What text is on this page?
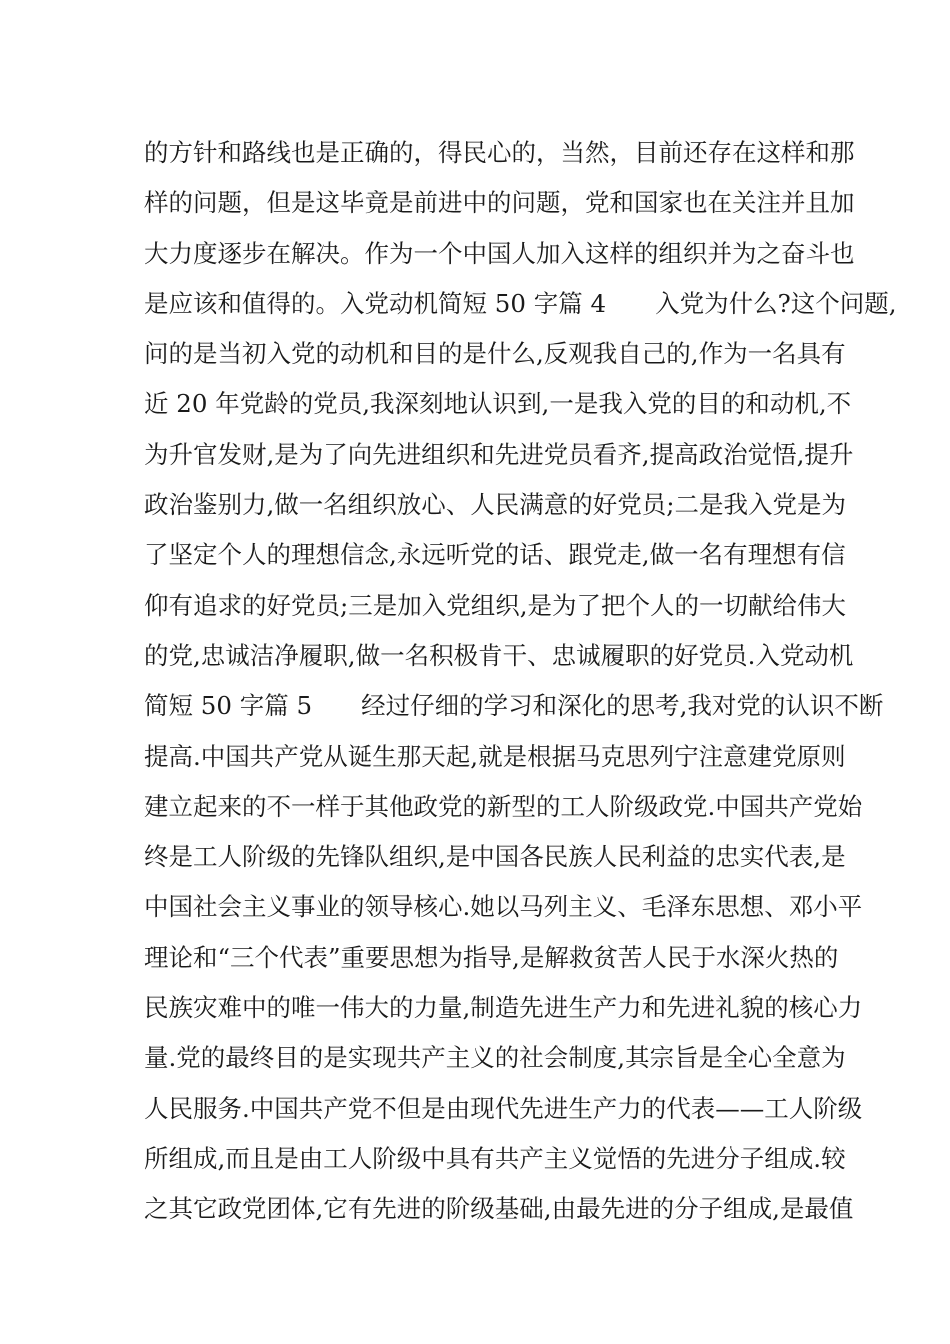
的方针和路线也是正确的，得民心的，当然，目前还存在这样和那
样的问题，但是这毕竟是前进中的问题，党和国家也在关注并且加
大力度逐步在解决。作为一个中国人加入这样的组织并为之奋斗也
是应该和值得的。入党动机简短 50 字篇 4　　入党为什么?这个问题,
问的是当初入党的动机和目的是什么,反观我自己的,作为一名具有
近 20 年党龄的党员,我深刻地认识到,一是我入党的目的和动机,不
为升官发财,是为了向先进组织和先进党员看齐,提高政治觉悟,提升
政治鉴别力,做一名组织放心、人民满意的好党员;二是我入党是为
了坚定个人的理想信念,永远听党的话、跟党走,做一名有理想有信
仰有追求的好党员;三是加入党组织,是为了把个人的一切献给伟大
的党,忠诚洁净履职,做一名积极肯干、忠诚履职的好党员.入党动机
简短 50 字篇 5　　经过仔细的学习和深化的思考,我对党的认识不断
提高.中国共产党从诞生那天起,就是根据马克思列宁注意建党原则
建立起来的不一样于其他政党的新型的工人阶级政党.中国共产党始
终是工人阶级的先锋队组织,是中国各民族人民利益的忠实代表,是
中国社会主义事业的领导核心.她以马列主义、毛泽东思想、邓小平
理论和“三个代表”重要思想为指导,是解救贫苦人民于水深火热的
民族灾难中的唯一伟大的力量,制造先进生产力和先进礼貌的核心力
量.党的最终目的是实现共产主义的社会制度,其宗旨是全心全意为
人民服务.中国共产党不但是由现代先进生产力的代表——工人阶级
所组成,而且是由工人阶级中具有共产主义觉悟的先进分子组成.较
之其它政党团体,它有先进的阶级基础,由最先进的分子组成,是最值
